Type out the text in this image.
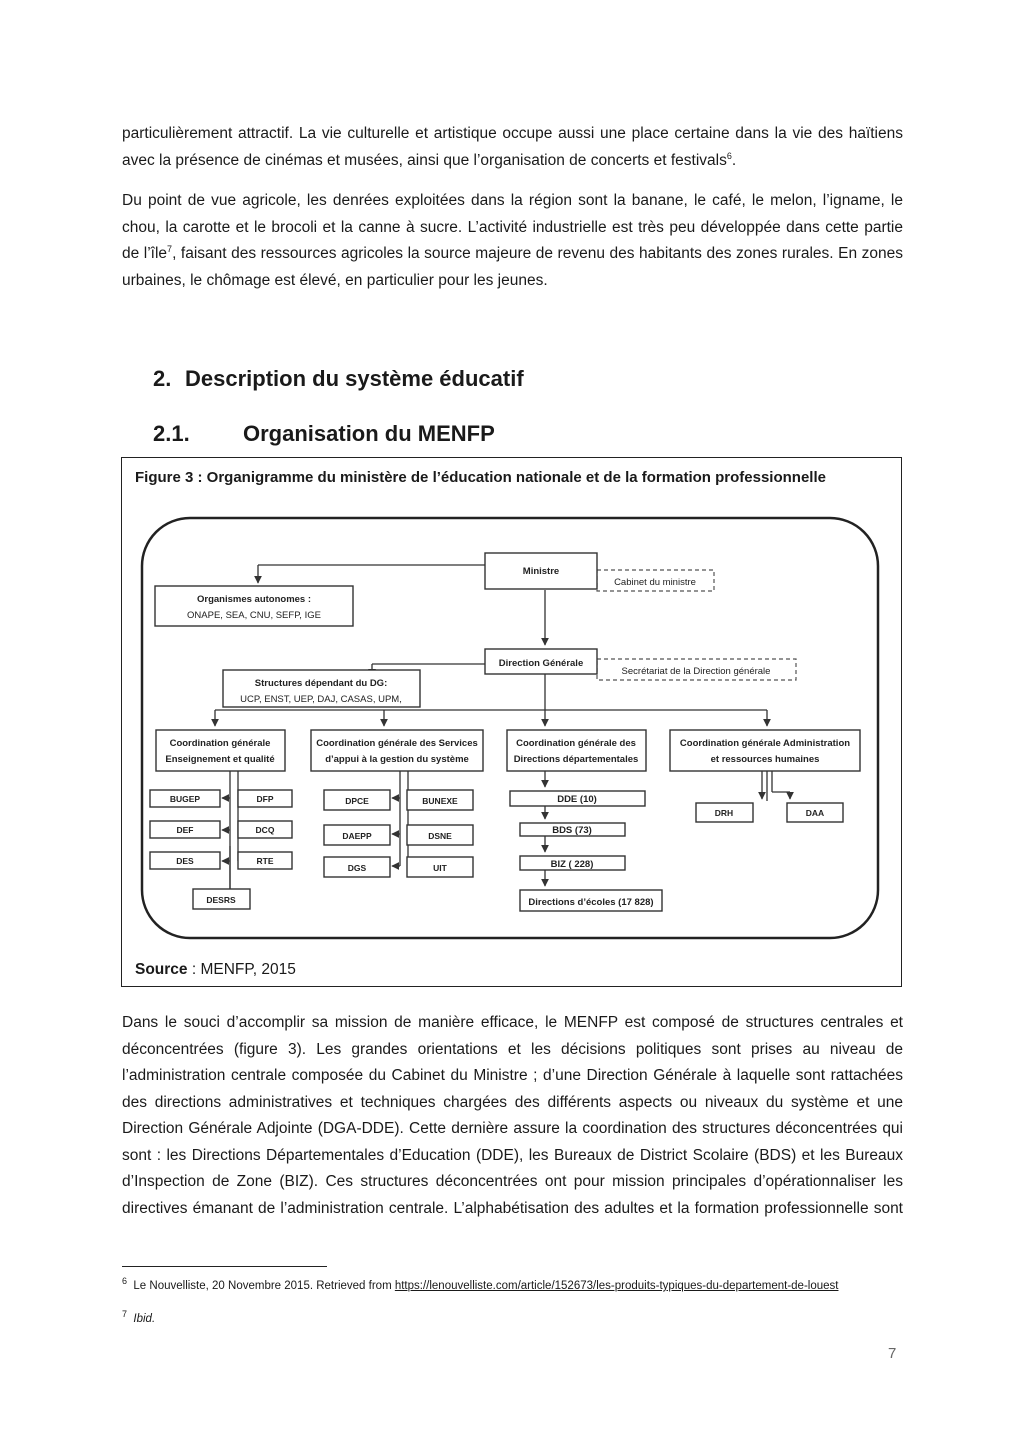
particulièrement attractif. La vie culturelle et artistique occupe aussi une place certaine dans la vie des haïtiens avec la présence de cinémas et musées, ainsi que l’organisation de concerts et festivals$^6$.

Du point de vue agricole, les denrées exploitées dans la région sont la banane, le café, le melon, l’igname, le chou, la carotte et le brocoli et la canne à sucre. L’activité industrielle est très peu développée dans cette partie de l’île$^7$, faisant des ressources agricoles la source majeure de revenu des habitants des zones rurales. En zones urbaines, le chômage est élevé, en particulier pour les jeunes.

2. Description du système éducatif
2.1. Organisation du MENFP
Figure 3 : Organigramme du ministère de l’éducation nationale et de la formation professionnelle
Ministre
Cabinet du ministre
Organismes autonomes :
ONAPE, SEA, CNU, SEFP, IGE
Direction Générale
Secrétariat de la Direction générale
Structures dépendant du DG:
UCP, ENST, UEP, DAJ, CASAS, UPM,
Coordination générale
Enseignement et qualité
Coordination générale des Services
d’appui à la gestion du système
Coordination générale des
Directions départementales
Coordination générale Administration
et ressources humaines
BUGEP
DEF
DES
DFP
DCQ
RTE
DESRS
DPCE
DAEPP
DGS
BUNEXE
DSNE
UIT
DDE (10)
BDS (73)
BIZ ( 228)
Directions d’écoles (17 828)
DRH	DAA
Source : MENFP, 2015

Dans le souci d’accomplir sa mission de manière efficace, le MENFP est composé de structures centrales et déconcentrées (figure 3). Les grandes orientations et les décisions politiques sont prises au niveau de l’administration centrale composée du Cabinet du Ministre ; d’une Direction Générale à laquelle sont rattachées des directions administratives et techniques chargées des différents aspects ou niveaux du système et une Direction Générale Adjointe (DGA-DDE). Cette dernière assure la coordination des structures déconcentrées qui sont : les Directions Départementales d’Education (DDE), les Bureaux de District Scolaire (BDS) et les Bureaux d’Inspection de Zone (BIZ). Ces structures déconcentrées ont pour mission principales d’opérationnaliser les directives émanant de l’administration centrale. L’alphabétisation des adultes et la formation professionnelle sont

$^6$ Le Nouvelliste, 20 Novembre 2015. Retrieved from https://lenouvelliste.com/article/152673/les-produits-typiques-du-departement-de-louest
$^7$ Ibid.
7
